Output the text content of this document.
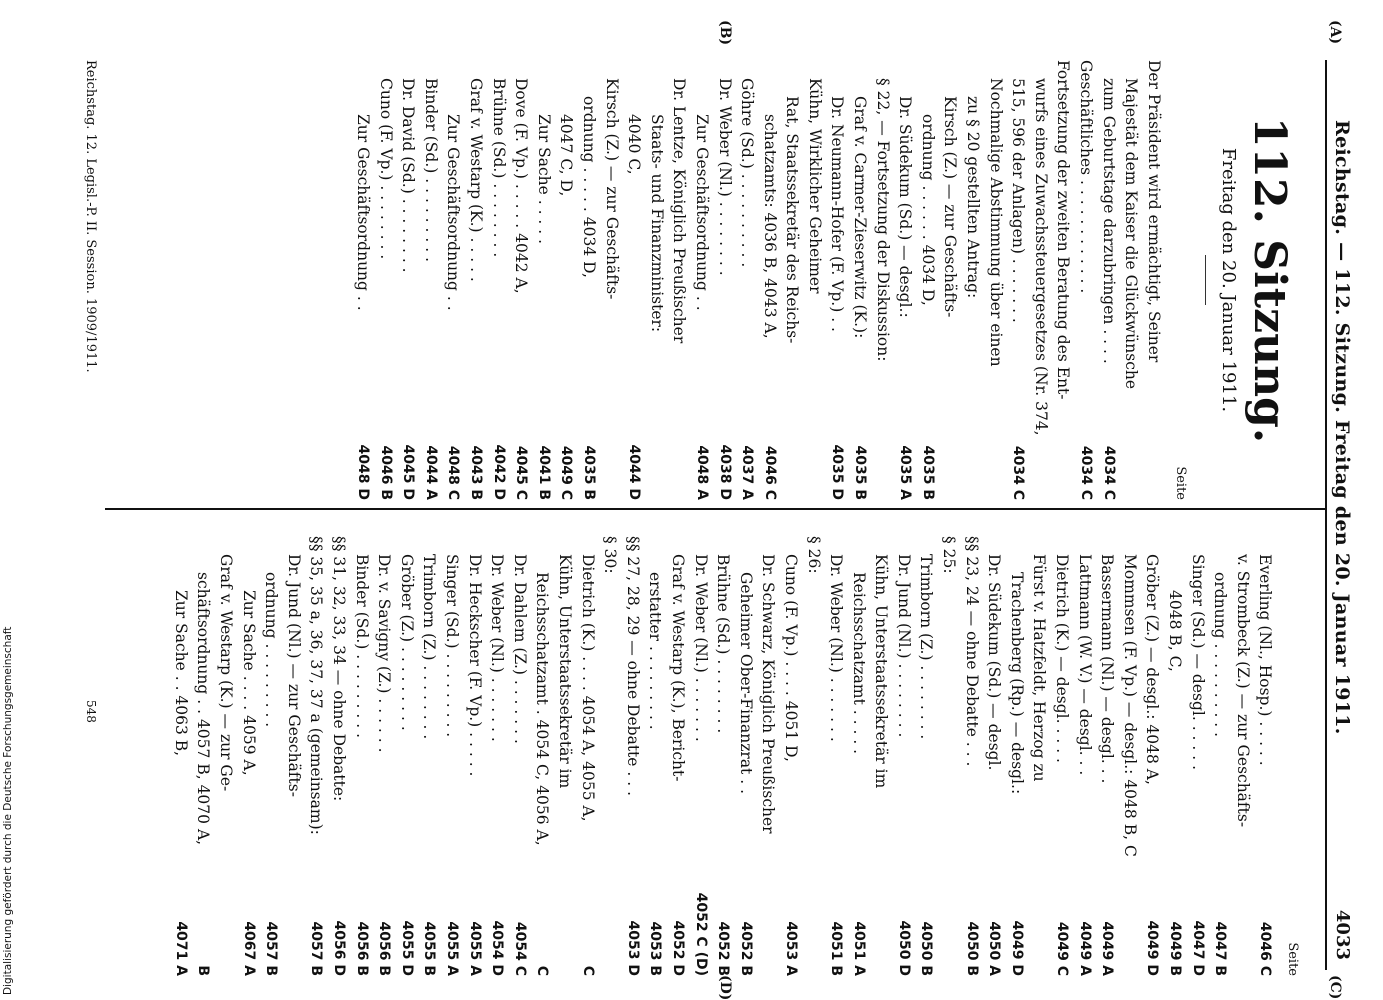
Digitalisierung gefördert durch die Deutsche Forschungsgemeinschaft
Reichstag. — 112. Sitzung. Freitag den 20. Januar 1911.
4033
(A)
(B)
(C)
(D)
112. Sitzung.
Freitag den 20. Januar 1911.
Seite
Der Präsident wird ermächtigt, Seiner
Majestät dem Kaiser die Glückwünsche
zum Geburtstage darzubringen . . . .
4034 C
Geschäftliches . . . . . . . . . . . .
4034 C
Fortsetzung der zweiten Beratung des Ent-
wurfs eines Zuwachssteuergesetzes (Nr. 374,
515, 596 der Anlagen) . . . . . . .
4034 C
Nochmalige Abstimmung über einen
zu § 20 gestellten Antrag:
Kirsch (Z.) — zur Geschäfts-
ordnung . . . . . . 4034 D,
4035 B
Dr. Südekum (Sd.) — desgl.:
4035 A
§ 22, — Fortsetzung der Diskussion:
Graf v. Carmer-Zieserwitz (K.):
4035 B
Dr. Neumann-Hofer (F. Vp.) . .
4035 D
Kühn, Wirklicher Geheimer
Rat, Staatssekretär des Reichs-
schatzamts: 4036 B, 4043 A,
4046 C
Göhre (Sd.) . . . . . . . . . .
4037 A
Dr. Weber (Nl.) . . . . . . . .
4038 D
Zur Geschäftsordnung . .
4048 A
Dr. Lentze, Königlich Preußischer
Staats- und Finanzminister:
4040 C,
4044 D
Kirsch (Z.) — zur Geschäfts-
ordnung . . . . . 4034 D,
4035 B
4047 C, D,
4049 C
Zur Sache . . . . .
4041 B
Dove (F. Vp.) . . . . . 4042 A,
4045 C
Brühne (Sd.) . . . . . . . .
4042 D
Graf v. Westarp (K.) . . . . .
4043 B
Zur Geschäftsordnung . .
4048 C
Binder (Sd.) . . . . . . . . .
4044 A
Dr. David (Sd.) . . . . . . . .
4045 D
Cuno (F. Vp.) . . . . . . . .
4046 B
Zur Geschäftsordnung . .
4048 D
Seite
Everling (Nl., Hosp.) . . . . .
4046 C
v. Strombeck (Z.) — zur Geschäfts-
ordnung . . . . . . . . . .
4047 B
Singer (Sd.) — desgl. . . . . .
4047 D
4048 B, C,
4049 B
Gröber (Z.) — desgl.: 4048 A,
4049 D
Mommsen (F. Vp.) — desgl.: 4048 B, C
Bassermann (Nl.) — desgl. . .
4049 A
Lattmann (W. V.) — desgl. . .
4049 A
Dietrich (K.) — desgl. . . . .
4049 C
Fürst v. Hatzfeldt, Herzog zu
Trachenberg (Rp.) — desgl.:
4049 D
Dr. Südekum (Sd.) — desgl.
4050 A
§§ 23, 24 — ohne Debatte . . .
4050 B
§ 25:
Trimborn (Z.) . . . . . . . .
4050 B
Dr. Jund (Nl.) . . . . . . . .
4050 D
Kühn, Unterstaatssekretär im
Reichsschatzamt . . . . .
4051 A
Dr. Weber (Nl.) . . . . . . .
4051 B
§ 26:
Cuno (F. Vp.) . . . . 4051 D,
4053 A
Dr. Schwarz, Königlich Preußischer
Geheimer Ober-Finanzrat . .
4052 B
Brühne (Sd.) . . . . . . . .
4052 B
Dr. Weber (Nl.) . . . . . . .
4052 C (D)
Graf v. Westarp (K.), Bericht-
4052 D
erstatter . . . . . . . . .
4053 B
§§ 27, 28, 29 — ohne Debatte . . .
4053 D
§ 30:
Dietrich (K.) . . . . 4054 A, 4055 A,
C
Kühn, Unterstaatssekretär im
Reichsschatzamt . 4054 C, 4056 A,
C
Dr. Dahlem (Z.) . . . . . . .
4054 C
Dr. Weber (Nl.) . . . . . . .
4054 D
Dr. Heckscher (F. Vp.) . . . . .
4055 A
Singer (Sd.) . . . . . . . . .
4055 A
Trimborn (Z.) . . . . . . . .
4055 B
Gröber (Z.) . . . . . . . . .
4055 D
Dr. v. Savigny (Z.) . . . . . .
4056 B
Binder (Sd.) . . . . . . . . .
4056 B
§§ 31, 32, 33, 34 — ohne Debatte:
4056 D
§§ 35, 35 a, 36, 37, 37 a (gemeinsam):
4057 B
Dr. Jund (Nl.) — zur Geschäfts-
ordnung . . . . . . . . .
4057 B
Zur Sache . . . . 4059 A,
4067 A
Graf v. Westarp (K.) — zur Ge-
schäftsordnung . . 4057 B, 4070 A,
B
Zur Sache . . 4063 B,
4071 A
Reichstag. 12. Legisl.-P. II. Session. 1909/1911.
548
